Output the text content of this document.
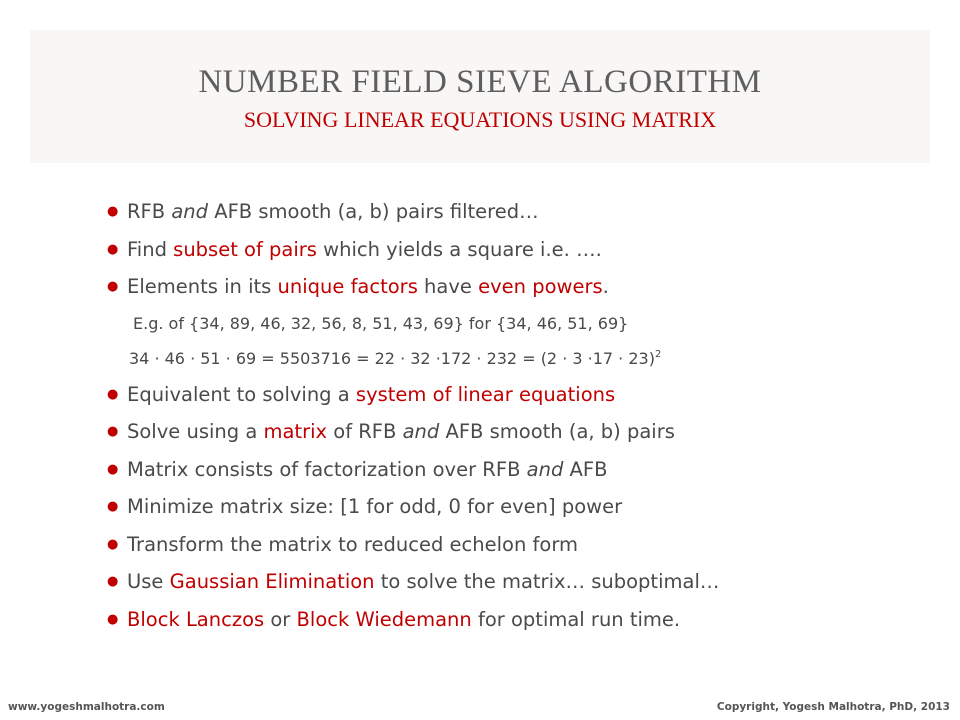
NUMBER FIELD SIEVE ALGORITHM
SOLVING LINEAR EQUATIONS USING MATRIX
● RFB and AFB smooth (a, b) pairs filtered…
● Find subset of pairs which yields a square i.e. ….
● Elements in its unique factors have even powers.
E.g. of {34, 89, 46, 32, 56, 8, 51, 43, 69} for {34, 46, 51, 69}
$34 \cdot 46 \cdot 51 \cdot 69 = 5503716 = 22 \cdot 32 \cdot 172 \cdot 232 = (2 \cdot 3 \cdot 17 \cdot 23)^2$
● Equivalent to solving a system of linear equations
● Solve using a matrix of RFB and AFB smooth (a, b) pairs
● Matrix consists of factorization over RFB and AFB
● Minimize matrix size: [1 for odd, 0 for even] power
● Transform the matrix to reduced echelon form
● Use Gaussian Elimination to solve the matrix… suboptimal…
● Block Lanczos or Block Wiedemann for optimal run time.
www.yogeshmalhotra.com	Copyright, Yogesh Malhotra, PhD, 2013
